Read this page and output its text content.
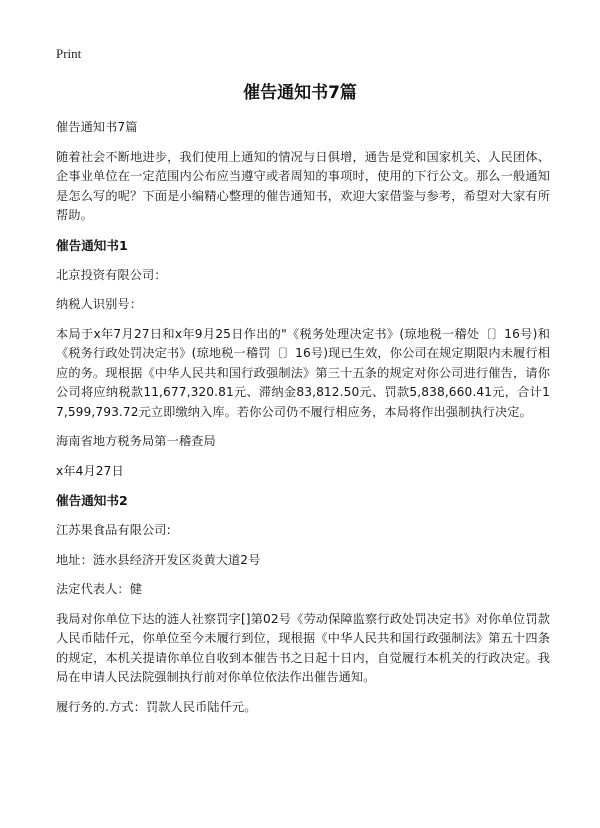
Print
催告通知书7篇

催告通知书7篇

随着社会不断地进步，我们使用上通知的情况与日俱增，通告是党和国家机关、人民团体、企事业单位在一定范围内公布应当遵守或者周知的事项时，使用的下行公文。那么一般通知是怎么写的呢？下面是小编精心整理的催告通知书，欢迎大家借鉴与参考，希望对大家有所帮助。

催告通知书1

北京投资有限公司：

纳税人识别号：

本局于x年7月27日和x年9月25日作出的"《税务处理决定书》(琼地税一稽处〔〕16号)和《税务行政处罚决定书》(琼地税一稽罚〔〕16号)现已生效，你公司在规定期限内未履行相应的务。现根据《中华人民共和国行政强制法》第三十五条的规定对你公司进行催告，请你公司将应纳税款11,677,320.81元、滞纳金83,812.50元、罚款5,838,660.41元，合计17,599,793.72元立即缴纳入库。若你公司仍不履行相应务，本局将作出强制执行决定。

海南省地方税务局第一稽查局

x年4月27日

催告通知书2

江苏果食品有限公司:

地址：涟水县经济开发区炎黄大道2号

法定代表人：健

我局对你单位下达的涟人社察罚字[]第02号《劳动保障监察行政处罚决定书》对你单位罚款人民币陆仟元，你单位至今未履行到位，现根据《中华人民共和国行政强制法》第五十四条的规定，本机关提请你单位自收到本催告书之日起十日内，自觉履行本机关的行政决定。我局在申请人民法院强制执行前对你单位依法作出催告通知。

履行务的.方式：罚款人民币陆仟元。
